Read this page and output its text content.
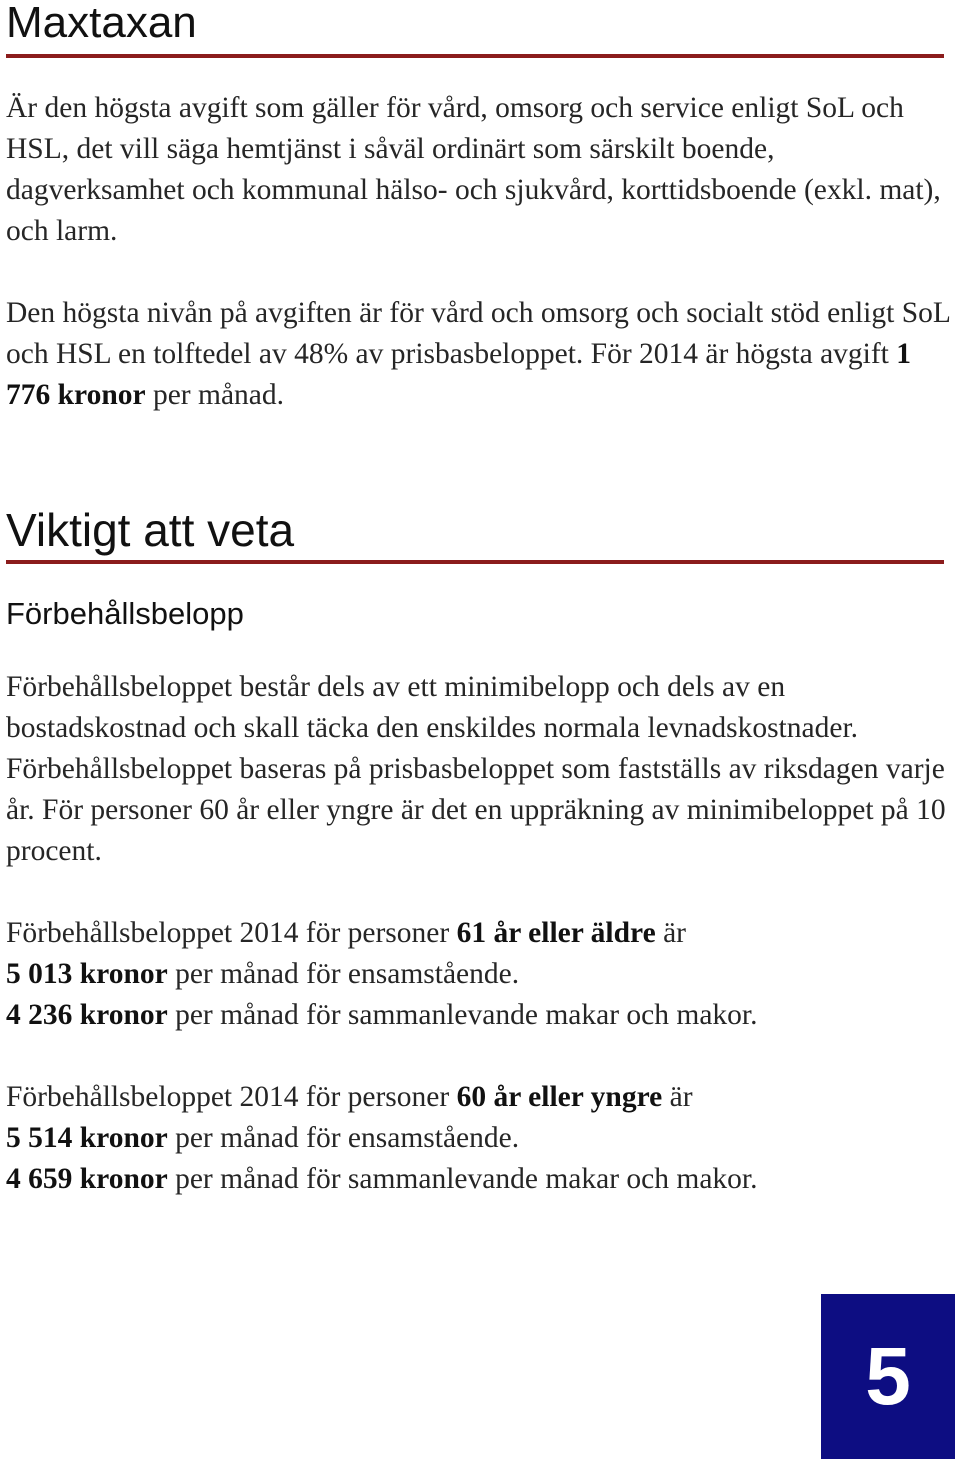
Maxtaxan

Är den högsta avgift som gäller för vård, omsorg och service enligt SoL och HSL, det vill säga hemtjänst i såväl ordinärt som särskilt boende, dagverksamhet och kommunal hälso- och sjukvård, korttidsboende (exkl. mat), och larm.

Den högsta nivån på avgiften är för vård och omsorg och socialt stöd enligt SoL och HSL en tolftedel av 48% av prisbasbeloppet. För 2014 är högsta avgift 1 776 kronor per månad.

Viktigt att veta
Förbehållsbelopp

Förbehållsbeloppet består dels av ett minimibelopp och dels av en bostadskostnad och skall täcka den enskildes normala levnadskostnader. Förbehållsbeloppet baseras på prisbasbeloppet som fastställs av riksdagen varje år. För personer 60 år eller yngre är det en uppräkning av minimibeloppet på 10 procent.

Förbehållsbeloppet 2014 för personer 61 år eller äldre är
5 013 kronor per månad för ensamstående.
4 236 kronor per månad för sammanlevande makar och makor.

Förbehållsbeloppet 2014 för personer 60 år eller yngre är
5 514 kronor per månad för ensamstående.
4 659 kronor per månad för sammanlevande makar och makor.

5
